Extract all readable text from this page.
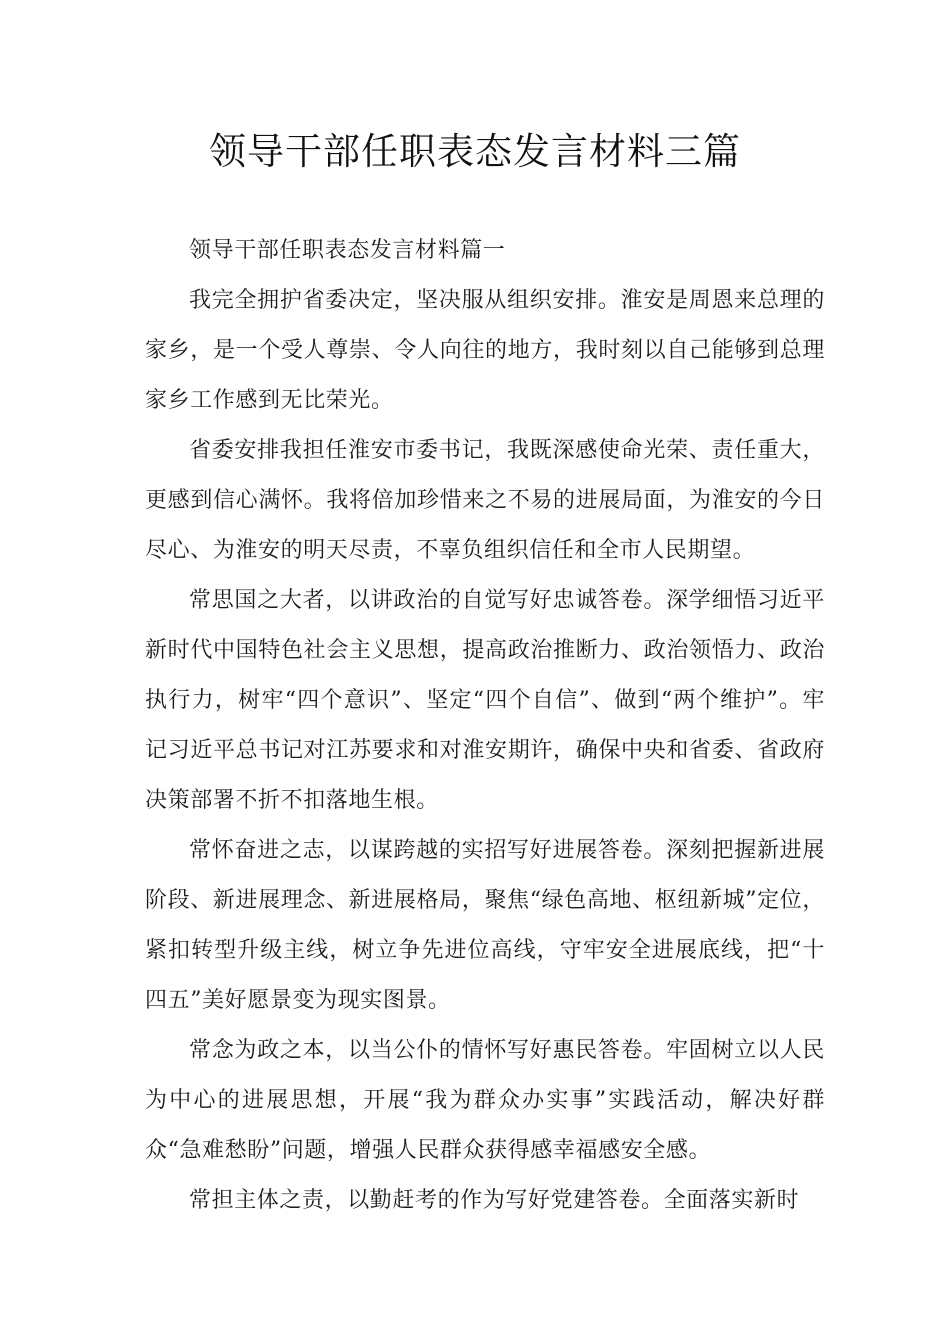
领导干部任职表态发言材料三篇

领导干部任职表态发言材料篇一

我完全拥护省委决定，坚决服从组织安排。淮安是周恩来总理的家乡，是一个受人尊崇、令人向往的地方，我时刻以自己能够到总理家乡工作感到无比荣光。

省委安排我担任淮安市委书记，我既深感使命光荣、责任重大，更感到信心满怀。我将倍加珍惜来之不易的进展局面，为淮安的今日尽心、为淮安的明天尽责，不辜负组织信任和全市人民期望。

常思国之大者，以讲政治的自觉写好忠诚答卷。深学细悟习近平新时代中国特色社会主义思想，提高政治推断力、政治领悟力、政治执行力，树牢“四个意识”、坚定“四个自信”、做到“两个维护”。牢记习近平总书记对江苏要求和对淮安期许，确保中央和省委、省政府决策部署不折不扣落地生根。

常怀奋进之志，以谋跨越的实招写好进展答卷。深刻把握新进展阶段、新进展理念、新进展格局，聚焦“绿色高地、枢纽新城”定位，紧扣转型升级主线，树立争先进位高线，守牢安全进展底线，把“十四五”美好愿景变为现实图景。

常念为政之本，以当公仆的情怀写好惠民答卷。牢固树立以人民为中心的进展思想，开展“我为群众办实事”实践活动，解决好群众“急难愁盼”问题，增强人民群众获得感幸福感安全感。

常担主体之责，以勤赶考的作为写好党建答卷。全面落实新时
